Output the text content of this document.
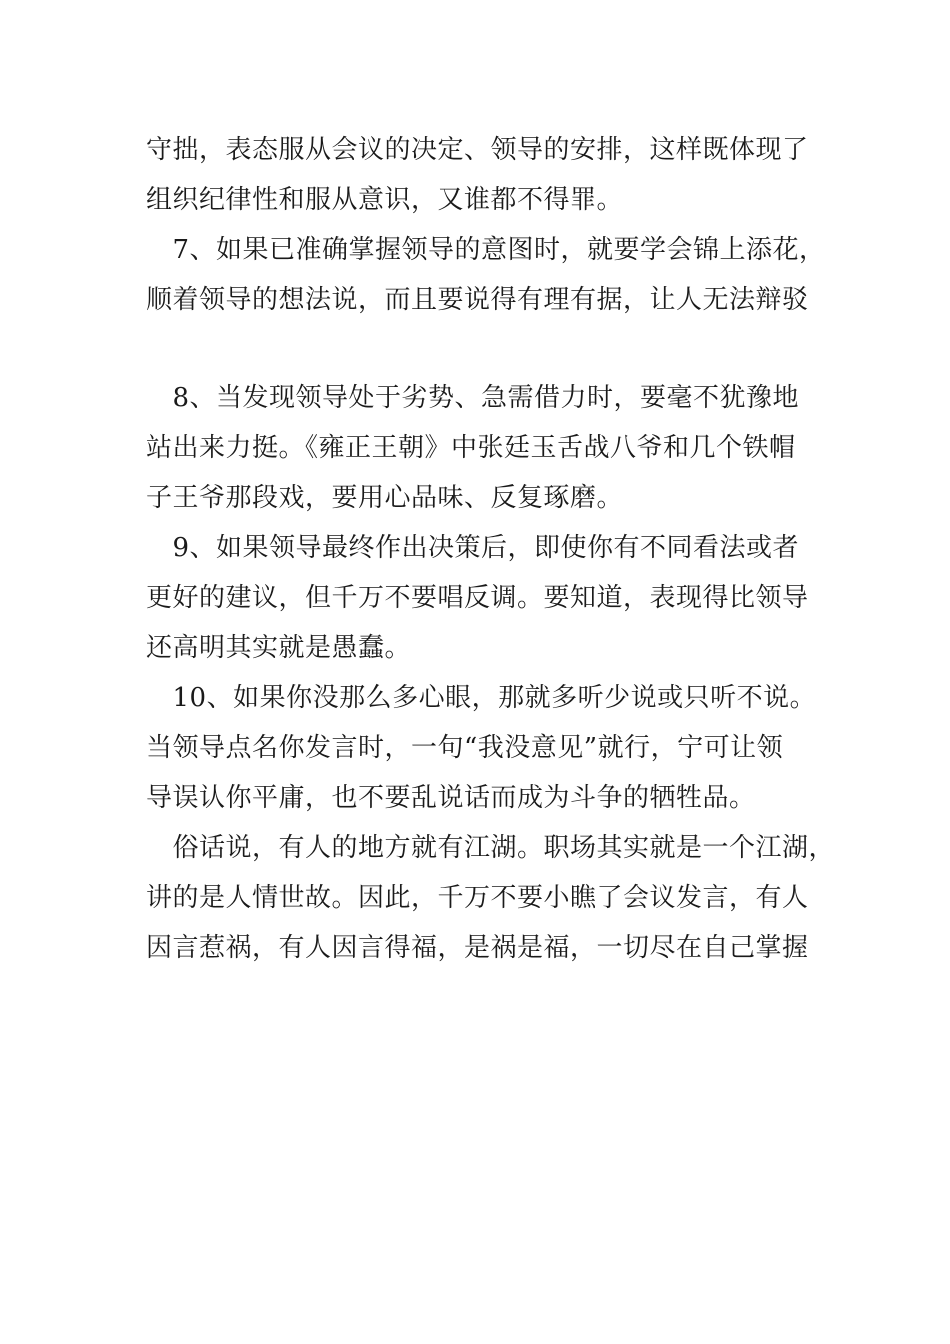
守拙，表态服从会议的决定、领导的安排，这样既体现了
组织纪律性和服从意识，又谁都不得罪。
　7、如果已准确掌握领导的意图时，就要学会锦上添花，
顺着领导的想法说，而且要说得有理有据，让人无法辩驳
　8、当发现领导处于劣势、急需借力时，要毫不犹豫地
站出来力挺。《雍正王朝》中张廷玉舌战八爷和几个铁帽
子王爷那段戏，要用心品味、反复琢磨。
　9、如果领导最终作出决策后，即使你有不同看法或者
更好的建议，但千万不要唱反调。要知道，表现得比领导
还高明其实就是愚蠢。
　10、如果你没那么多心眼，那就多听少说或只听不说。
当领导点名你发言时，一句“我没意见”就行，宁可让领
导误认你平庸，也不要乱说话而成为斗争的牺牲品。
　俗话说，有人的地方就有江湖。职场其实就是一个江湖，
讲的是人情世故。因此，千万不要小瞧了会议发言，有人
因言惹祸，有人因言得福，是祸是福，一切尽在自己掌握
